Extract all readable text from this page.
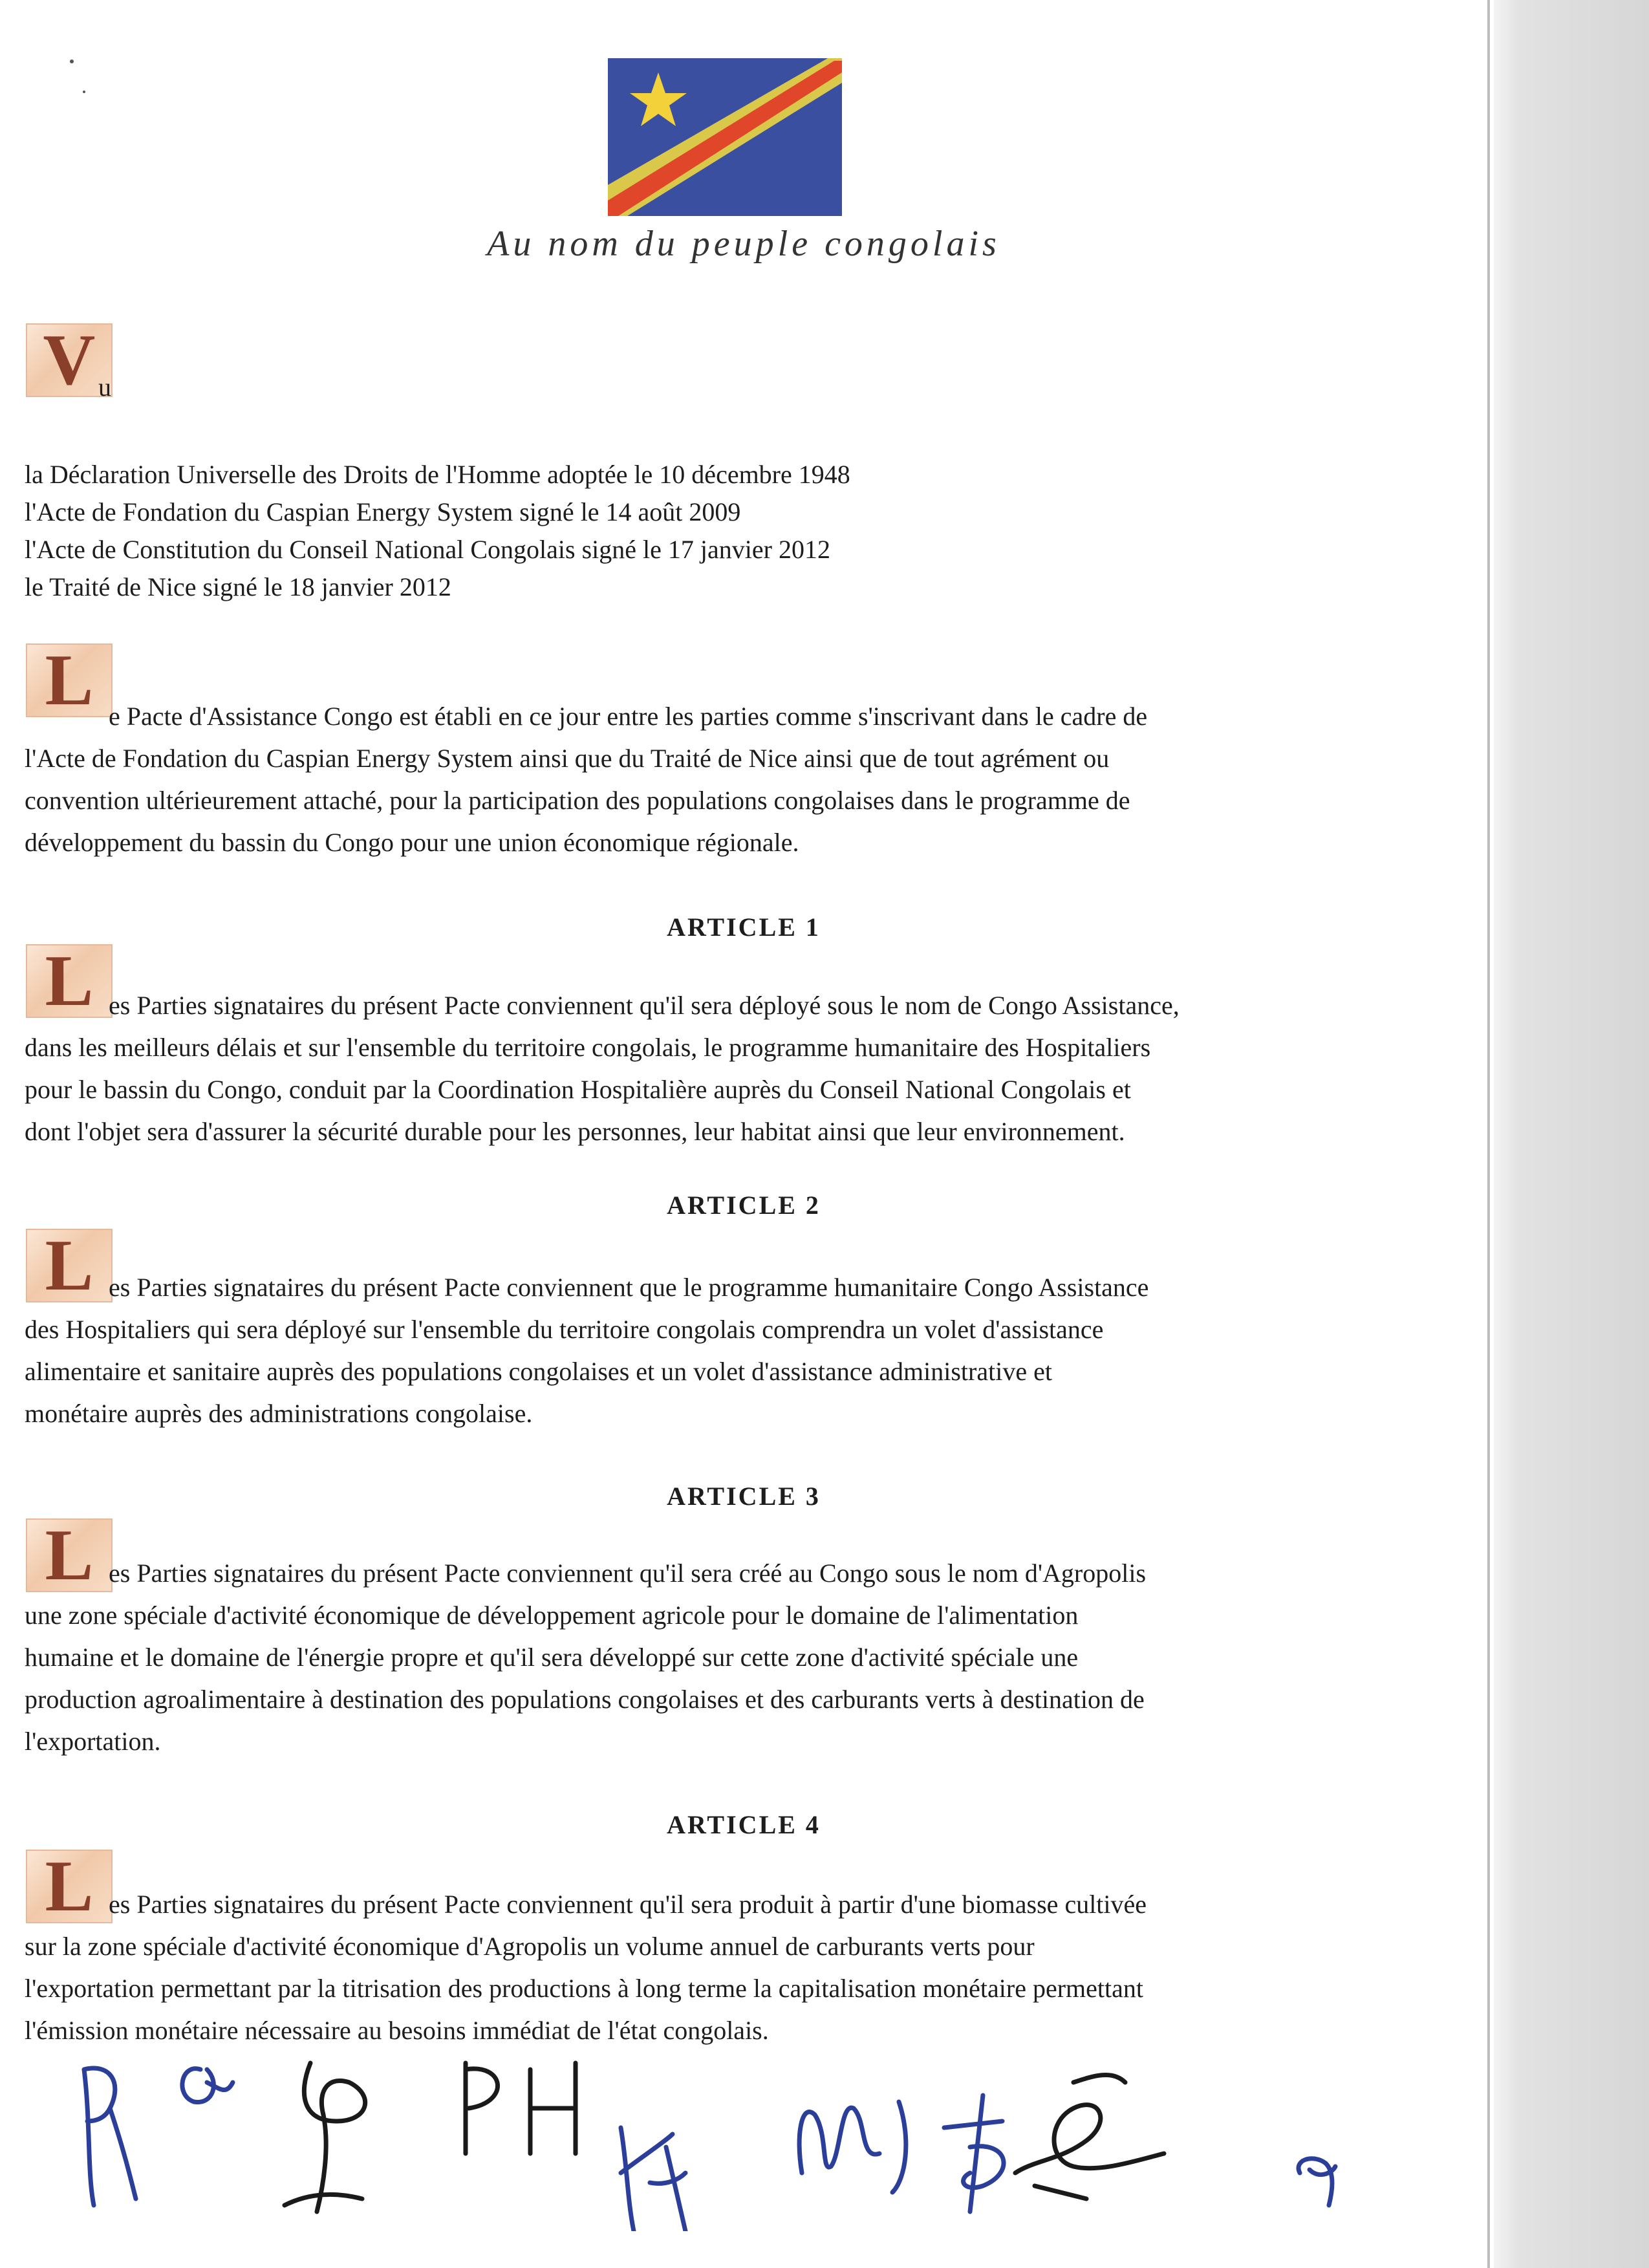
Au nom du peuple congolais
V u
la Déclaration Universelle des Droits de l'Homme adoptée le 10 décembre 1948
l'Acte de Fondation du Caspian Energy System signé le 14 août 2009
l'Acte de Constitution du Conseil National Congolais signé le 17 janvier 2012
le Traité de Nice signé le 18 janvier 2012
L e Pacte d'Assistance Congo est établi en ce jour entre les parties comme s'inscrivant dans le cadre de
l'Acte de Fondation du Caspian Energy System ainsi que du Traité de Nice ainsi que de tout agrément ou
convention ultérieurement attaché, pour la participation des populations congolaises dans le programme de
développement du bassin du Congo pour une union économique régionale.
ARTICLE 1
L es Parties signataires du présent Pacte conviennent qu'il sera déployé sous le nom de Congo Assistance,
dans les meilleurs délais et sur l'ensemble du territoire congolais, le programme humanitaire des Hospitaliers
pour le bassin du Congo, conduit par la Coordination Hospitalière auprès du Conseil National Congolais et
dont l'objet sera d'assurer la sécurité durable pour les personnes, leur habitat ainsi que leur environnement.
ARTICLE 2
L es Parties signataires du présent Pacte conviennent que le programme humanitaire Congo Assistance
des Hospitaliers qui sera déployé sur l'ensemble du territoire congolais comprendra un volet d'assistance
alimentaire et sanitaire auprès des populations congolaises et un volet d'assistance administrative et
monétaire auprès des administrations congolaise.
ARTICLE 3
L es Parties signataires du présent Pacte conviennent qu'il sera créé au Congo sous le nom d'Agropolis
une zone spéciale d'activité économique de développement agricole pour le domaine de l'alimentation
humaine et le domaine de l'énergie propre et qu'il sera développé sur cette zone d'activité spéciale une
production agroalimentaire à destination des populations congolaises et des carburants verts à destination de
l'exportation.
ARTICLE 4
L es Parties signataires du présent Pacte conviennent qu'il sera produit à partir d'une biomasse cultivée
sur la zone spéciale d'activité économique d'Agropolis un volume annuel de carburants verts pour
l'exportation permettant par la titrisation des productions à long terme la capitalisation monétaire permettant
l'émission monétaire nécessaire au besoins immédiat de l'état congolais.
